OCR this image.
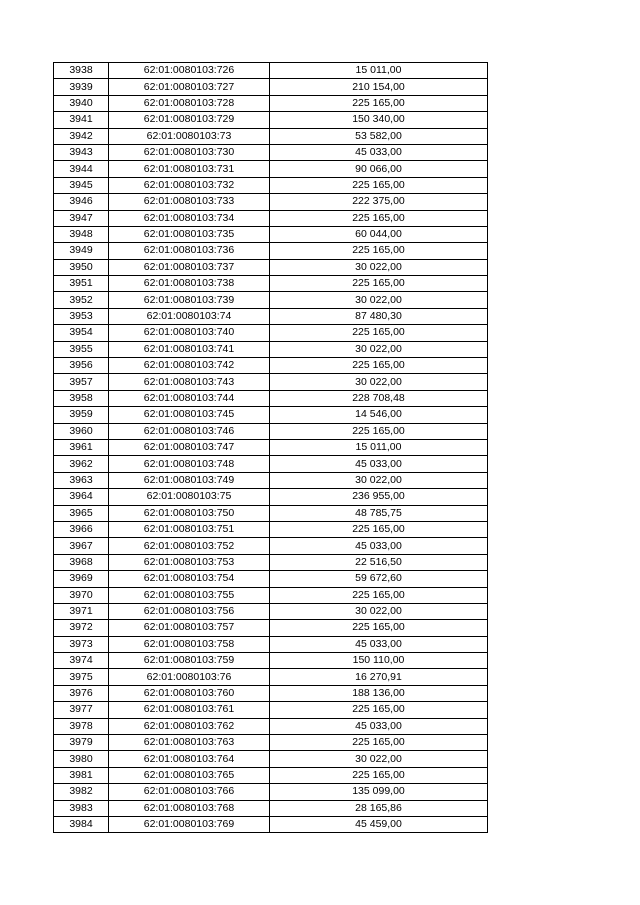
3938	62:01:0080103:726	15 011,00
3939	62:01:0080103:727	210 154,00
3940	62:01:0080103:728	225 165,00
3941	62:01:0080103:729	150 340,00
3942	62:01:0080103:73	53 582,00
3943	62:01:0080103:730	45 033,00
3944	62:01:0080103:731	90 066,00
3945	62:01:0080103:732	225 165,00
3946	62:01:0080103:733	222 375,00
3947	62:01:0080103:734	225 165,00
3948	62:01:0080103:735	60 044,00
3949	62:01:0080103:736	225 165,00
3950	62:01:0080103:737	30 022,00
3951	62:01:0080103:738	225 165,00
3952	62:01:0080103:739	30 022,00
3953	62:01:0080103:74	87 480,30
3954	62:01:0080103:740	225 165,00
3955	62:01:0080103:741	30 022,00
3956	62:01:0080103:742	225 165,00
3957	62:01:0080103:743	30 022,00
3958	62:01:0080103:744	228 708,48
3959	62:01:0080103:745	14 546,00
3960	62:01:0080103:746	225 165,00
3961	62:01:0080103:747	15 011,00
3962	62:01:0080103:748	45 033,00
3963	62:01:0080103:749	30 022,00
3964	62:01:0080103:75	236 955,00
3965	62:01:0080103:750	48 785,75
3966	62:01:0080103:751	225 165,00
3967	62:01:0080103:752	45 033,00
3968	62:01:0080103:753	22 516,50
3969	62:01:0080103:754	59 672,60
3970	62:01:0080103:755	225 165,00
3971	62:01:0080103:756	30 022,00
3972	62:01:0080103:757	225 165,00
3973	62:01:0080103:758	45 033,00
3974	62:01:0080103:759	150 110,00
3975	62:01:0080103:76	16 270,91
3976	62:01:0080103:760	188 136,00
3977	62:01:0080103:761	225 165,00
3978	62:01:0080103:762	45 033,00
3979	62:01:0080103:763	225 165,00
3980	62:01:0080103:764	30 022,00
3981	62:01:0080103:765	225 165,00
3982	62:01:0080103:766	135 099,00
3983	62:01:0080103:768	28 165,86
3984	62:01:0080103:769	45 459,00
